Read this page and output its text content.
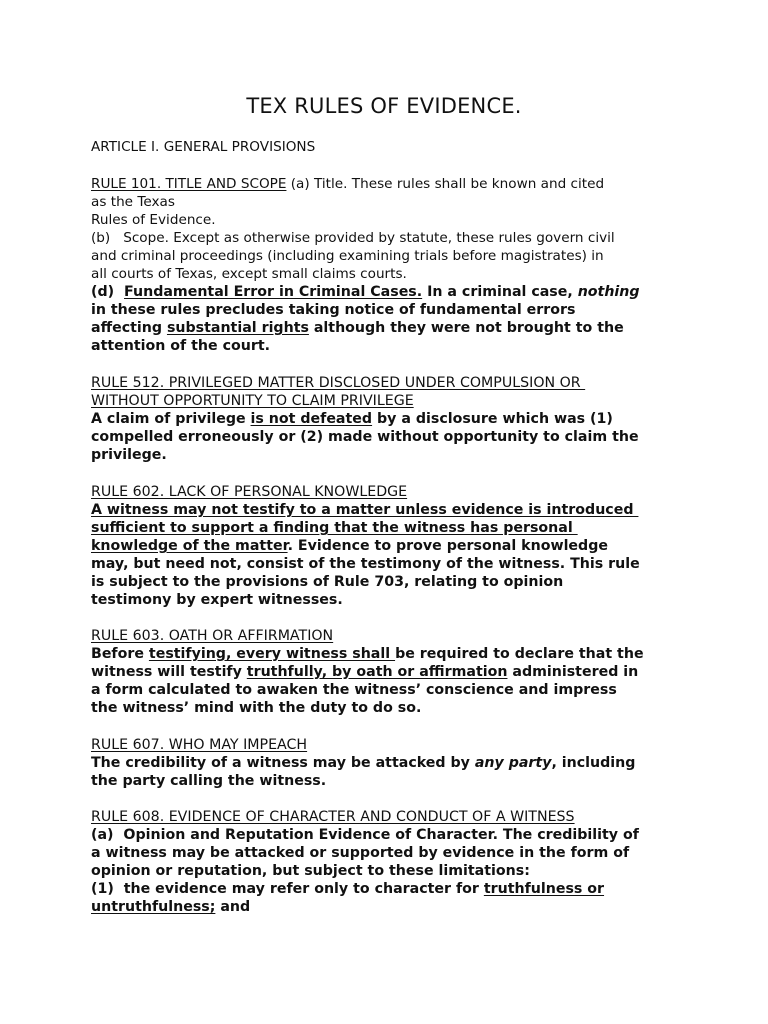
TEX RULES OF EVIDENCE.
ARTICLE I. GENERAL PROVISIONS
RULE 101. TITLE AND SCOPE (a) Title. These rules shall be known and cited
as the Texas
Rules of Evidence.
(b)   Scope. Except as otherwise provided by statute, these rules govern civil
and criminal proceedings (including examining trials before magistrates) in
all courts of Texas, except small claims courts.
(d)  Fundamental Error in Criminal Cases. In a criminal case, nothing
in these rules precludes taking notice of fundamental errors
affecting substantial rights although they were not brought to the
attention of the court.
RULE 512. PRIVILEGED MATTER DISCLOSED UNDER COMPULSION OR
WITHOUT OPPORTUNITY TO CLAIM PRIVILEGE
A claim of privilege is not defeated by a disclosure which was (1)
compelled erroneously or (2) made without opportunity to claim the
privilege.
RULE 602. LACK OF PERSONAL KNOWLEDGE
A witness may not testify to a matter unless evidence is introduced
sufficient to support a finding that the witness has personal
knowledge of the matter. Evidence to prove personal knowledge
may, but need not, consist of the testimony of the witness. This rule
is subject to the provisions of Rule 703, relating to opinion
testimony by expert witnesses.
RULE 603. OATH OR AFFIRMATION
Before testifying, every witness shall be required to declare that the
witness will testify truthfully, by oath or affirmation administered in
a form calculated to awaken the witness’ conscience and impress
the witness’ mind with the duty to do so.
RULE 607. WHO MAY IMPEACH
The credibility of a witness may be attacked by any party, including
the party calling the witness.
RULE 608. EVIDENCE OF CHARACTER AND CONDUCT OF A WITNESS
(a)  Opinion and Reputation Evidence of Character. The credibility of
a witness may be attacked or supported by evidence in the form of
opinion or reputation, but subject to these limitations:
(1)  the evidence may refer only to character for truthfulness or
untruthfulness; and
